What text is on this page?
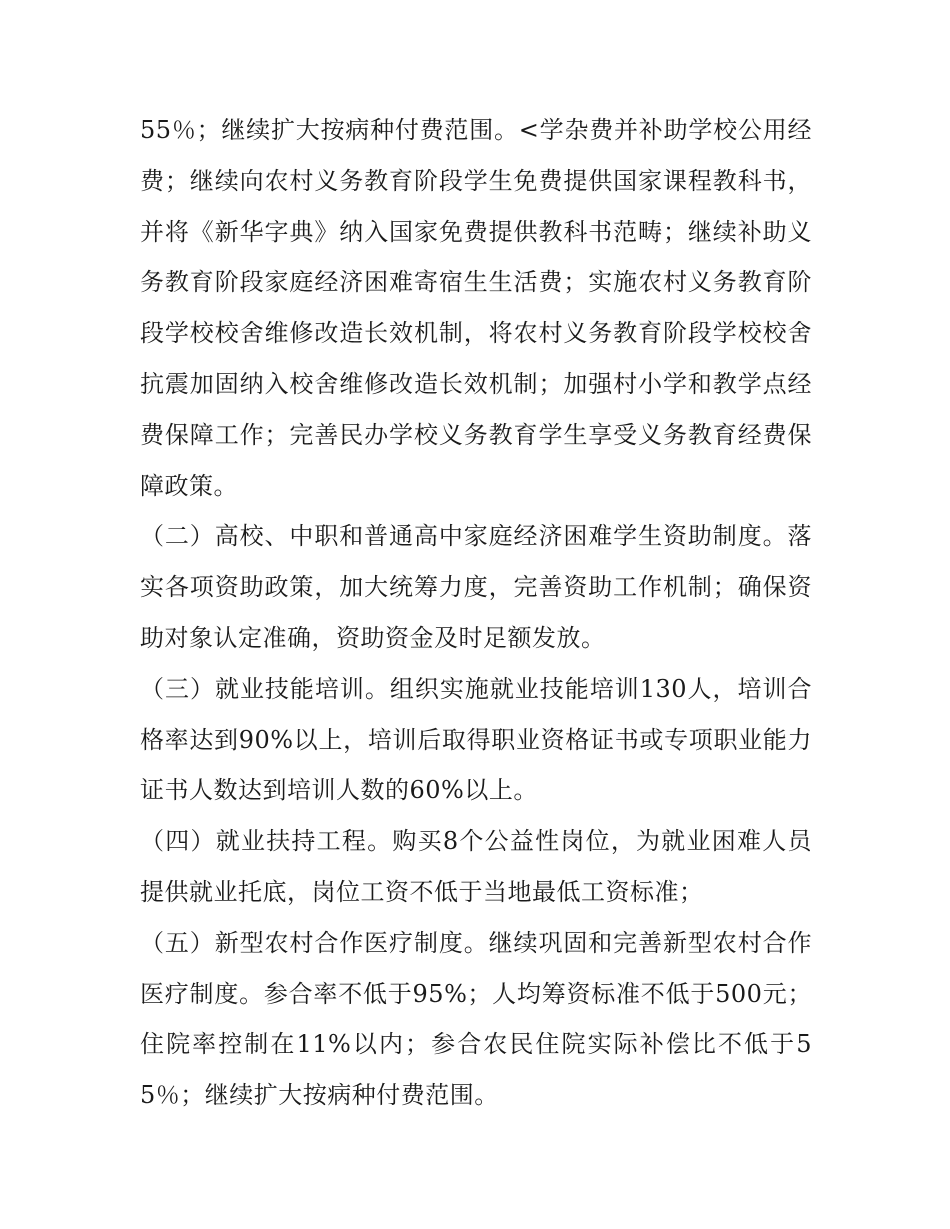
55％；继续扩大按病种付费范围。<学杂费并补助学校公用经费；继续向农村义务教育阶段学生免费提供国家课程教科书，并将《新华字典》纳入国家免费提供教科书范畴；继续补助义务教育阶段家庭经济困难寄宿生生活费；实施农村义务教育阶段学校校舍维修改造长效机制，将农村义务教育阶段学校校舍抗震加固纳入校舍维修改造长效机制；加强村小学和教学点经费保障工作；完善民办学校义务教育学生享受义务教育经费保障政策。

（二）高校、中职和普通高中家庭经济困难学生资助制度。落实各项资助政策，加大统筹力度，完善资助工作机制；确保资助对象认定准确，资助资金及时足额发放。

（三）就业技能培训。组织实施就业技能培训130人，培训合格率达到90%以上，培训后取得职业资格证书或专项职业能力证书人数达到培训人数的60%以上。

（四）就业扶持工程。购买8个公益性岗位，为就业困难人员提供就业托底，岗位工资不低于当地最低工资标准；

（五）新型农村合作医疗制度。继续巩固和完善新型农村合作医疗制度。参合率不低于95%；人均筹资标准不低于500元；住院率控制在11%以内；参合农民住院实际补偿比不低于55％；继续扩大按病种付费范围。
